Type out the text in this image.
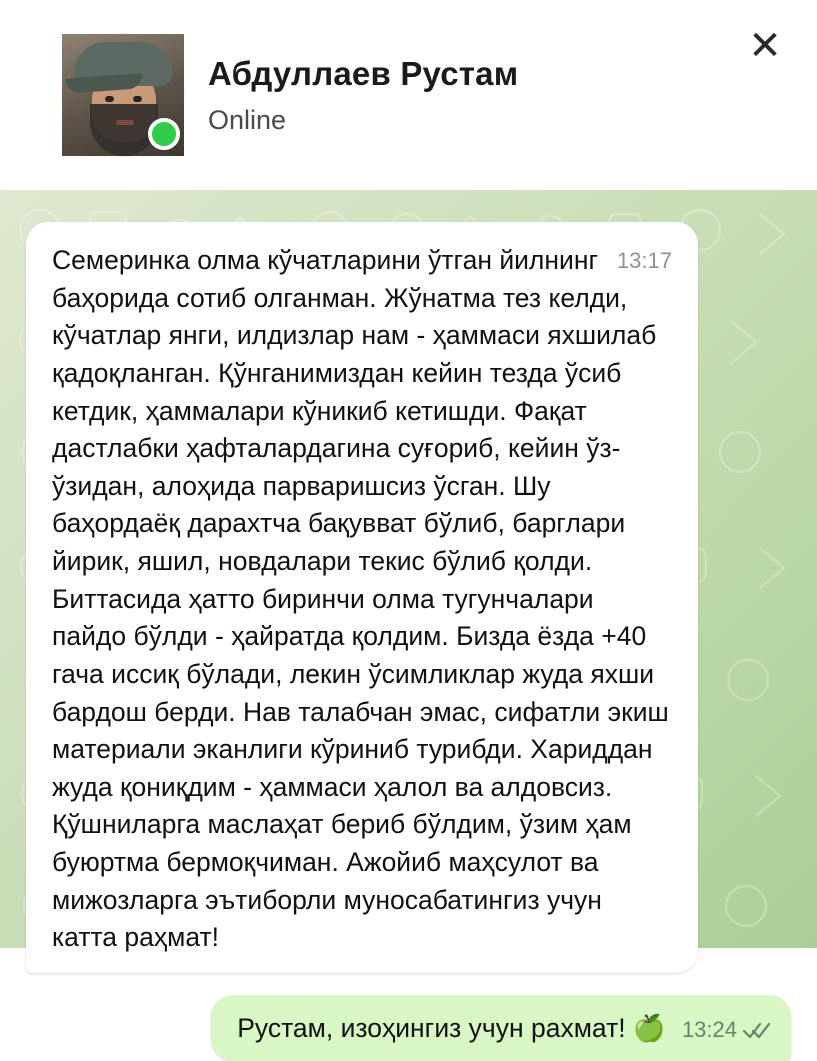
Абдуллаев Рустам
Online
✕
13:17
Семеринка олма кўчатларини ўтган йилнинг баҳорида сотиб олганман. Жўнатма тез келди, кўчатлар янги, илдизлар нам - ҳаммаси яхшилаб қадоқланган. Қўнганимиздан кейин тезда ўсиб кетдик, ҳаммалари кўникиб кетишди. Фақат дастлабки ҳафталардагина суғориб, кейин ўз-ўзидан, алоҳида парваришсиз ўсган. Шу баҳордаёқ дарахтча бақувват бўлиб, барглари йирик, яшил, новдалари текис бўлиб қолди. Биттасида ҳатто биринчи олма тугунчалари пайдо бўлди - ҳайратда қолдим. Бизда ёзда +40 гача иссиқ бўлади, лекин ўсимликлар жуда яхши бардош берди. Нав талабчан эмас, сифатли экиш материали эканлиги кўриниб турибди. Хариддан жуда қониқдим - ҳаммаси ҳалол ва алдовсиз. Қўшниларга маслаҳат бериб бўлдим, ўзим ҳам буюртма бермоқчиман. Ажойиб маҳсулот ва мижозларга эътиборли муносабатингиз учун катта раҳмат!
Рустам, изоҳингиз учун рахмат! 🍏 13:24
